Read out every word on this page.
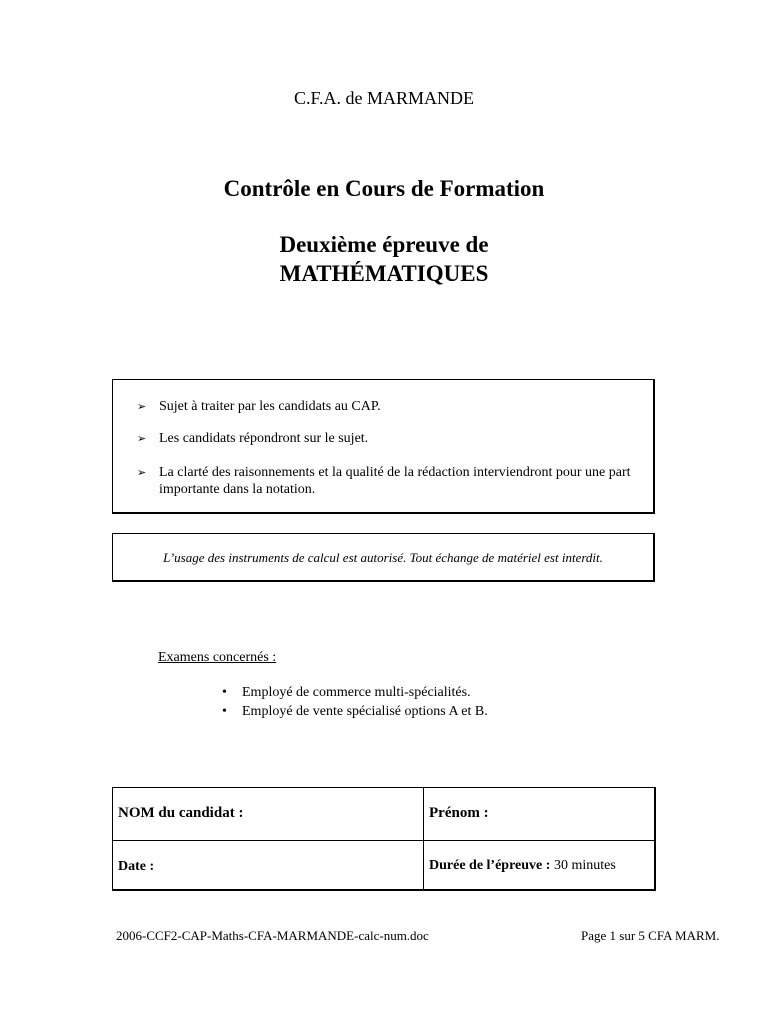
C.F.A. de MARMANDE
Contrôle en Cours de Formation
Deuxième épreuve de
MATHÉMATIQUES
➢ Sujet à traiter par les candidats au CAP.
➢ Les candidats répondront sur le sujet.
➢ La clarté des raisonnements et la qualité de la rédaction interviendront pour une part importante dans la notation.
L’usage des instruments de calcul est autorisé. Tout échange de matériel est interdit.
Examens concernés :
• Employé de commerce multi-spécialités.
• Employé de vente spécialisé options A et B.
NOM du candidat :	Prénom :
Date :	Durée de l’épreuve : 30 minutes
2006-CCF2-CAP-Maths-CFA-MARMANDE-calc-num.doc	Page 1 sur 5 CFA MARM.
